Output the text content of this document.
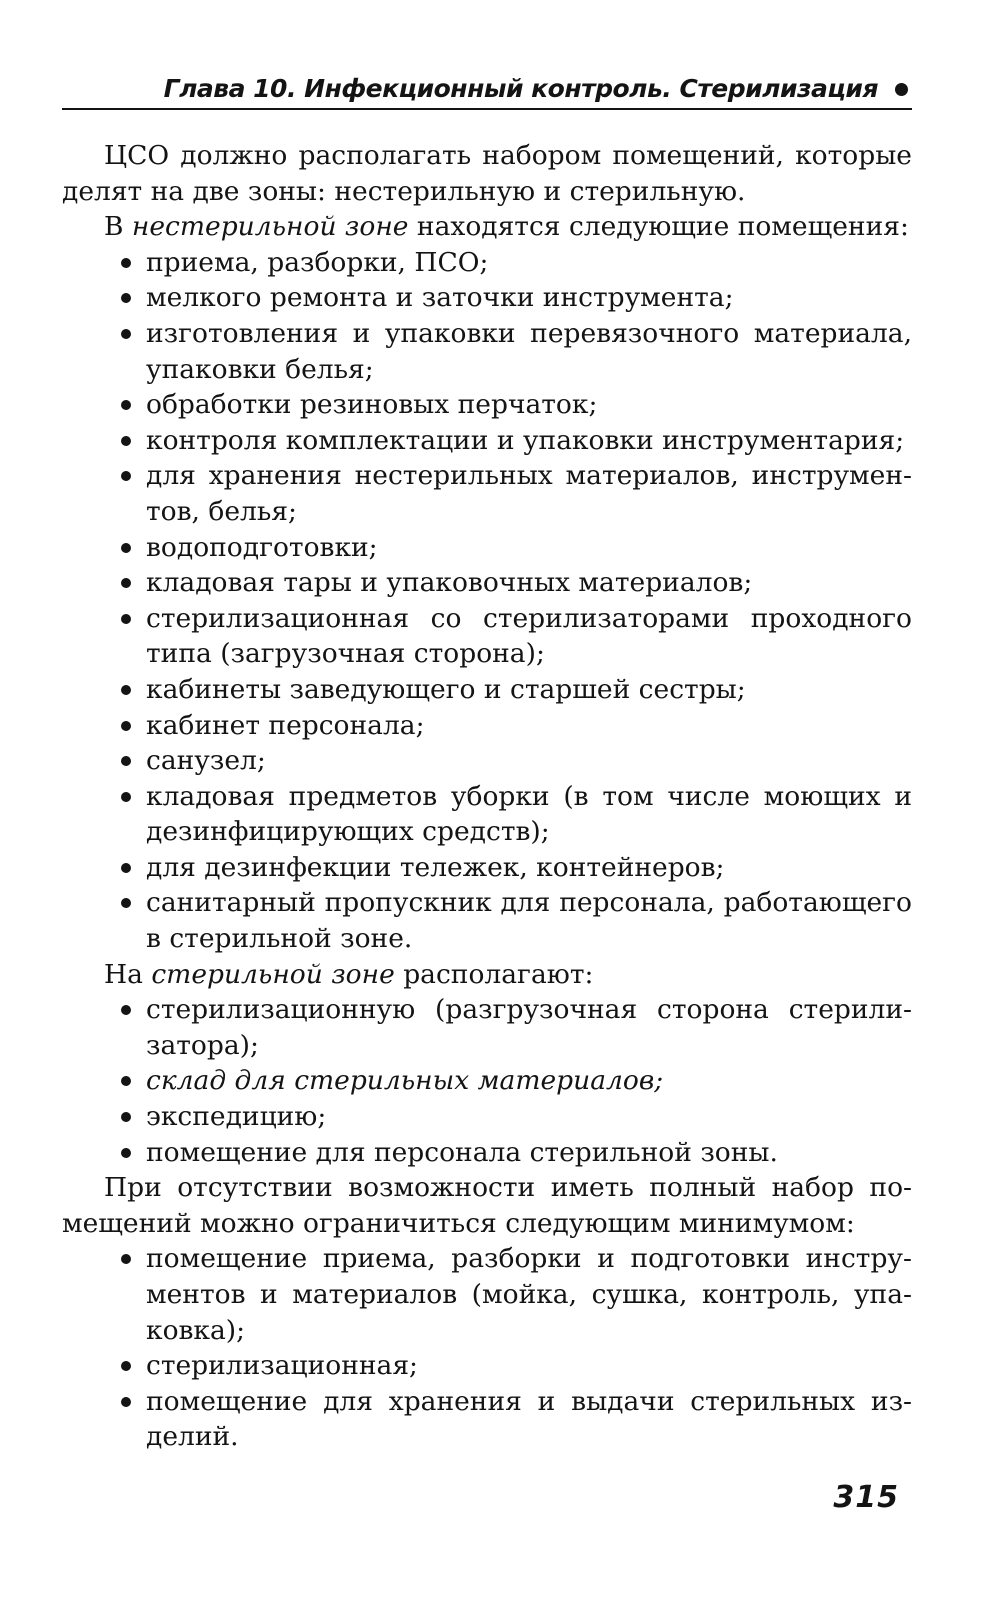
Глава 10. Инфекционный контроль. Стерилизация

ЦСО должно располагать набором помещений, которые делят на две зоны: нестерильную и стерильную.

В нестерильной зоне находятся следующие помещения:

приема, разборки, ПСО;
мелкого ремонта и заточки инструмента;
изготовления и упаковки перевязочного материала, упаковки белья;
обработки резиновых перчаток;
контроля комплектации и упаковки инструментария;
для хранения нестерильных материалов, инструментов, белья;
водоподготовки;
кладовая тары и упаковочных материалов;
стерилизационная со стерилизаторами проходного типа (загрузочная сторона);
кабинеты заведующего и старшей сестры;
кабинет персонала;
санузел;
кладовая предметов уборки (в том числе моющих и дезинфицирующих средств);
для дезинфекции тележек, контейнеров;
санитарный пропускник для персонала, работающего в стерильной зоне.

На стерильной зоне располагают:

стерилизационную (разгрузочная сторона стерилизатора);
склад для стерильных материалов;
экспедицию;
помещение для персонала стерильной зоны.

При отсутствии возможности иметь полный набор помещений можно ограничиться следующим минимумом:

помещение приема, разборки и подготовки инструментов и материалов (мойка, сушка, контроль, упаковка);
стерилизационная;
помещение для хранения и выдачи стерильных изделий.
315
